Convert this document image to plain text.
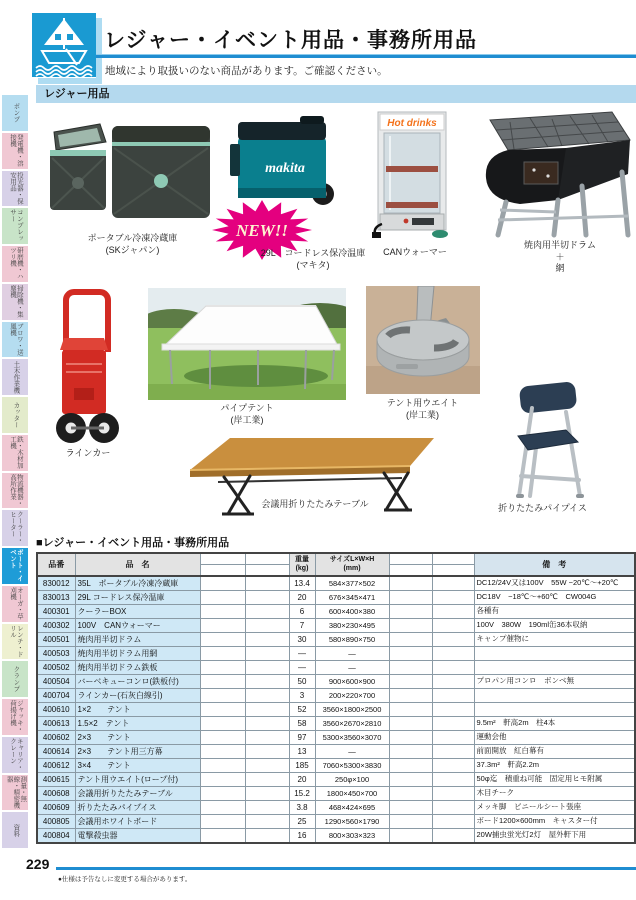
ポンプ
発電機・溶接機
投光器・保安用品
コンプレッサー
研磨機・ハツリ機
掃除機・集塵機
ブロワ・送風機
土木作業機
カッター
鉄・木材加工機
物流機器・高所作業
クーラー・ヒーター
ボート・イベント
オーガ・草刈機
レンチ・ドリル
クランプ
ジャッキ・荷揚げ機
キャリア・クレーン
測量・無線・精密機器
資料
レジャー・イベント用品・事務所用品
地域により取扱いのない商品があります。ご確認ください。
レジャー用品
ポータブル冷凍冷蔵庫
(SKジャパン)
makita
NEW!!
29L　コードレス保冷温庫
(マキタ)
Hot drinks
CANウォーマー
焼肉用半切ドラム
＋
網
ラインカー
パイプテント
(岸工業)
テント用ウエイト
(岸工業)
会議用折りたたみテーブル	折りたたみパイプイス
■レジャー・イベント用品・事務所用品
品番	品　名			重量
(kg)	サイズL×W×H
(mm)			備　考

830012	35L　ポータブル冷凍冷蔵庫			13.4	584×377×502			DC12/24V又は100V　55W −20℃〜+20℃
830013	29L コードレス保冷温庫			20	676×345×471			DC18V　−18℃〜+60℃　CW004G
400301	クーラーBOX			6	600×400×380			各種有
400302	100V　CANウォーマー			7	380×230×495			100V　380W　190ml缶36本収納
400501	焼肉用半切ドラム			30	580×890×750			キャンプ催物に
400503	焼肉用半切ドラム用網			―	―			
400502	焼肉用半切ドラム鉄板			―	―			
400504	バーベキューコンロ(鉄板付)			50	900×600×900			プロパン用コンロ　ボンベ無
400704	ラインカー(石灰白線引)			3	200×220×700			
400610	1×2　　テント			52	3560×1800×2500			
400613	1.5×2　テント			58	3560×2670×2810			9.5m²　軒高2m　柱4本
400602	2×3　　テント			97	5300×3560×3070			運動会他
400614	2×3　　テント用三方幕			13	―			前面開放　紅白幕有
400612	3×4　　テント			185	7060×5300×3830			37.3m²　軒高2.2m
400615	テント用ウエイト(ロープ付)			20	250φ×100			50φ迄　積重ね可能　固定用ヒモ附属
400608	会議用折りたたみテーブル			15.2	1800×450×700			木目チーク
400609	折りたたみパイプイス			3.8	468×424×695			メッキ脚　ビニールシート張座
400805	会議用ホワイトボード			25	1290×560×1790			ボード1200×600mm　キャスター付
400804	電撃殺虫器			16	800×303×323			20W捕虫蛍光灯2灯　屋外軒下用
229
●仕様は予告なしに変更する場合があります。
